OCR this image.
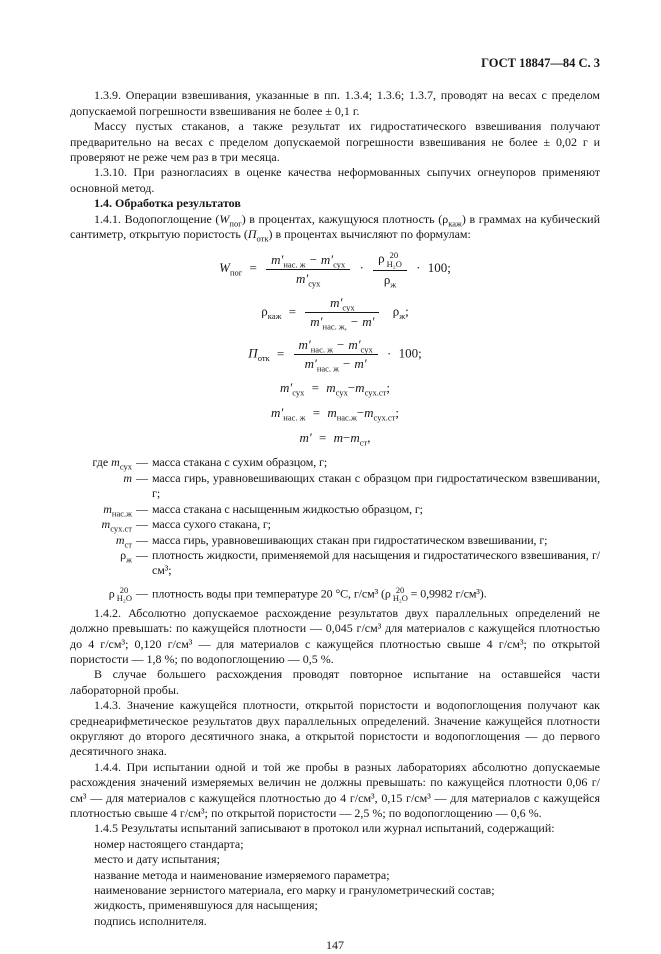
ГОСТ 18847—84 С. 3

1.3.9. Операции взвешивания, указанные в пп. 1.3.4; 1.3.6; 1.3.7, проводят на весах с пределом допускаемой погрешности взвешивания не более ± 0,1 г.

Массу пустых стаканов, а также результат их гидростатического взвешивания получают предварительно на весах с пределом допускаемой погрешности взвешивания не более ± 0,02 г и проверяют не реже чем раз в три месяца.

1.3.10. При разногласиях в оценке качества неформованных сыпучих огнеупоров применяют основной метод.

1.4. Обработка результатов

1.4.1. Водопоглощение $(W_{пог})$ в процентах, кажущуюся плотность $(\rho_{каж})$ в граммах на кубический сантиметр, открытую пористость $(П_{отк})$ в процентах вычисляют по формулам:

$W_{пог} = \frac{m'_{нас. ж} - m'_{сух}}{m'_{сух}} \cdot \rho$ 20
H₂O
$\rho_ж \cdot 100$;
$\rho_{каж} = \frac{m'_{сух}}{m'_{нас. ж,} - m'} \rho_ж$;
$П_{отк} = \frac{m'_{нас. ж} - m'_{сух}}{m'_{нас. ж} - m'} \cdot 100$;
$m'_{сух} = m_{сух}-m_{сух.ст}$;
$m'_{нас. ж} = m_{нас.ж}-m_{сух.ст}$;
$m' = m-m_{ст}$,
где $m_{сух}$ — масса стакана с сухим образцом, г;
m — масса гирь, уравновешивающих стакан с образцом при гидростатическом взвешивании, г;
$m_{нас.ж}$ — масса стакана с насыщенным жидкостью образцом, г;
$m_{сух.ст}$ — масса сухого стакана, г;
$m_{ст}$ — масса гирь, уравновешивающих стакан при гидростатическом взвешивании, г;
$\rho_ж$ — плотность жидкости, применяемой для насыщения и гидростатического взвешивания, г/см³;
ρ 20
H₂O — плотность воды при температуре 20 °C, г/см³ (ρ 20
H₂O = 0,9982 г/см³).

1.4.2. Абсолютно допускаемое расхождение результатов двух параллельных определений не должно превышать: по кажущейся плотности — 0,045 г/см³ для материалов с кажущейся плотностью до 4 г/см³; 0,120 г/см³ — для материалов с кажущейся плотностью свыше 4 г/см³; по открытой пористости — 1,8 %; по водопоглощению — 0,5 %.

В случае большего расхождения проводят повторное испытание на оставшейся части лабораторной пробы.

1.4.3. Значение кажущейся плотности, открытой пористости и водопоглощения получают как среднеарифметическое результатов двух параллельных определений. Значение кажущейся плотности округляют до второго десятичного знака, а открытой пористости и водопоглощения — до первого десятичного знака.

1.4.4. При испытании одной и той же пробы в разных лабораториях абсолютно допускаемые расхождения значений измеряемых величин не должны превышать: по кажущейся плотности 0,06 г/см³ — для материалов с кажущейся плотностью до 4 г/см³, 0,15 г/см³ — для материалов с кажущейся плотностью свыше 4 г/см³; по открытой пористости — 2,5 %; по водопоглощению — 0,6 %.

1.4.5 Результаты испытаний записывают в протокол или журнал испытаний, содержащий:

номер настоящего стандарта;
место и дату испытания;
название метода и наименование измеряемого параметра;
наименование зернистого материала, его марку и гранулометрический состав;
жидкость, применявшуюся для насыщения;
подпись исполнителя.
147
